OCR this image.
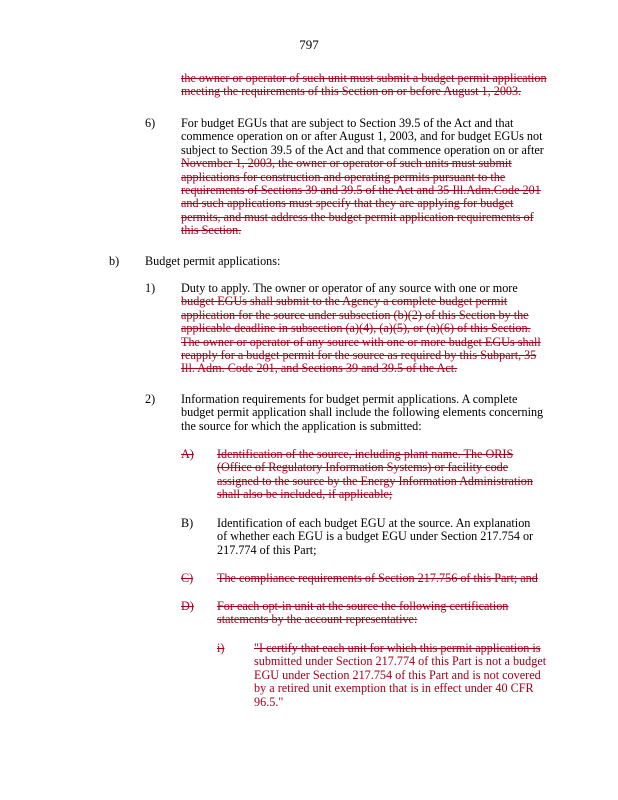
797
the owner or operator of such unit must submit a budget permit application
meeting the requirements of this Section on or before August 1, 2003.
6) For budget EGUs that are subject to Section 39.5 of the Act and that
commence operation on or after August 1, 2003, and for budget EGUs not
subject to Section 39.5 of the Act and that commence operation on or after
November 1, 2003, the owner or operator of such units must submit
applications for construction and operating permits pursuant to the
requirements of Sections 39 and 39.5 of the Act and 35 Ill.Adm.Code 201
and such applications must specify that they are applying for budget
permits, and must address the budget permit application requirements of
this Section.
b) Budget permit applications:
1) Duty to apply. The owner or operator of any source with one or more
budget EGUs shall submit to the Agency a complete budget permit
application for the source under subsection (b)(2) of this Section by the
applicable deadline in subsection (a)(4), (a)(5), or (a)(6) of this Section.
The owner or operator of any source with one or more budget EGUs shall
reapply for a budget permit for the source as required by this Subpart, 35
Ill. Adm. Code 201, and Sections 39 and 39.5 of the Act.
2) Information requirements for budget permit applications. A complete
budget permit application shall include the following elements concerning
the source for which the application is submitted:
A)	Identification of the source, including plant name. The ORIS
(Office of Regulatory Information Systems) or facility code
assigned to the source by the Energy Information Administration
shall also be included, if applicable;
B) Identification of each budget EGU at the source. An explanation
of whether each EGU is a budget EGU under Section 217.754 or
217.774 of this Part;
C)	The compliance requirements of Section 217.756 of this Part; and
D)	For each opt-in unit at the source the following certification
statements by the account representative:
i)	"I certify that each unit for which this permit application is
submitted under Section 217.774 of this Part is not a budget
EGU under Section 217.754 of this Part and is not covered
by a retired unit exemption that is in effect under 40 CFR
96.5."
